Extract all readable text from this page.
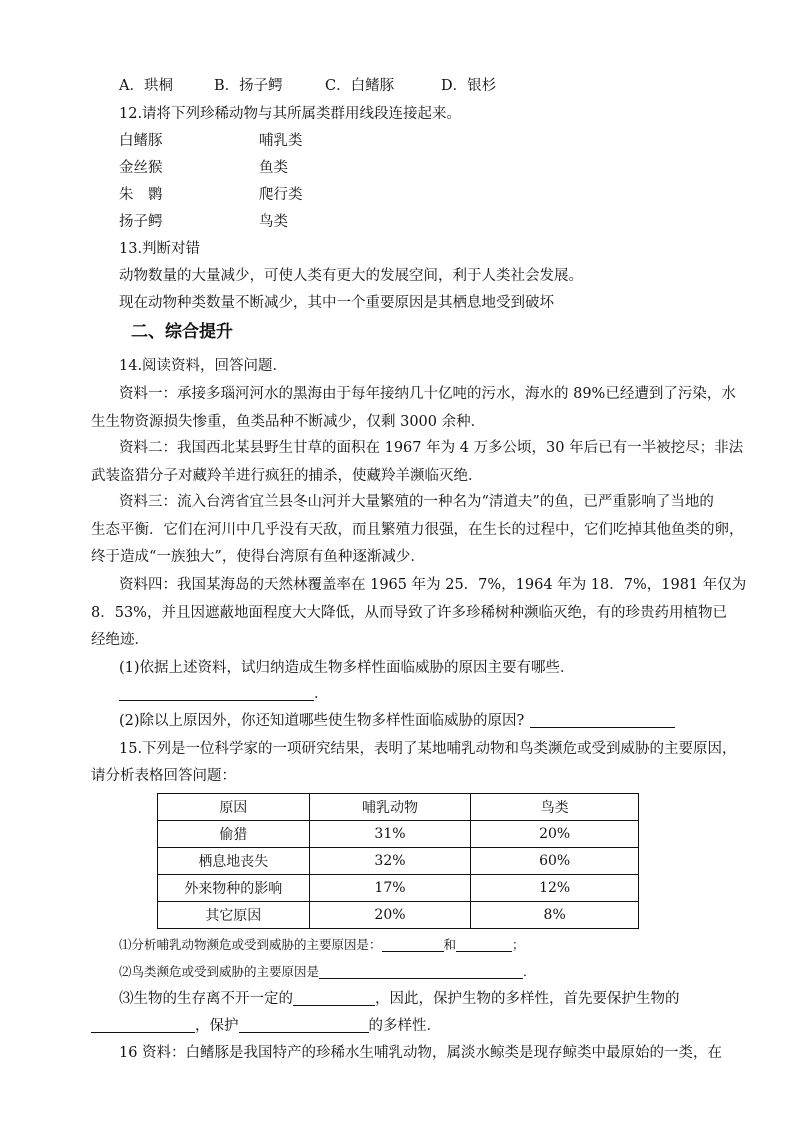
A．珙桐	B．扬子鳄	C．白鳍豚	D．银杉
12.请将下列珍稀动物与其所属类群用线段连接起来。
白鳍豚	哺乳类
金丝猴	鱼类
朱　鹮	爬行类
扬子鳄	鸟类
13.判断对错
动物数量的大量减少，可使人类有更大的发展空间，利于人类社会发展。
现在动物种类数量不断减少，其中一个重要原因是其栖息地受到破坏
二、综合提升
14.阅读资料，回答问题．
资料一：承接多瑙河河水的黑海由于每年接纳几十亿吨的污水，海水的 89%已经遭到了污染，水
生生物资源损失惨重，鱼类品种不断减少，仅剩 3000 余种．
资料二：我国西北某县野生甘草的面积在 1967 年为 4 万多公顷，30 年后已有一半被挖尽；非法
武装盗猎分子对藏羚羊进行疯狂的捕杀，使藏羚羊濒临灭绝．
资料三：流入台湾省宜兰县冬山河并大量繁殖的一种名为“清道夫”的鱼，已严重影响了当地的
生态平衡．它们在河川中几乎没有天敌，而且繁殖力很强，在生长的过程中，它们吃掉其他鱼类的卵，
终于造成“一族独大”，使得台湾原有鱼种逐渐减少．
资料四：我国某海岛的天然林覆盖率在 1965 年为 25．7%，1964 年为 18．7%，1981 年仅为
8．53%，并且因遮蔽地面程度大大降低，从而导致了许多珍稀树种濒临灭绝，有的珍贵药用植物已
经绝迹．
(1)依据上述资料，试归纳造成生物多样性面临威胁的原因主要有哪些．
．
(2)除以上原因外，你还知道哪些使生物多样性面临威胁的原因?
15.下列是一位科学家的一项研究结果，表明了某地哺乳动物和鸟类濒危或受到威胁的主要原因，
请分析表格回答问题：
原因	哺乳动物	鸟类
偷猎	31%	20%
栖息地丧失	32%	60%
外来物种的影响	17%	12%
其它原因	20%	8%
⑴分析哺乳动物濒危或受到威胁的主要原因是：	和	；
⑵鸟类濒危或受到威胁的主要原因是	．
⑶生物的生存离不开一定的	，因此，保护生物的多样性，首先要保护生物的
，保护	的多样性．
16 资料：白鳍豚是我国特产的珍稀水生哺乳动物，属淡水鲸类是现存鲸类中最原始的一类，在
